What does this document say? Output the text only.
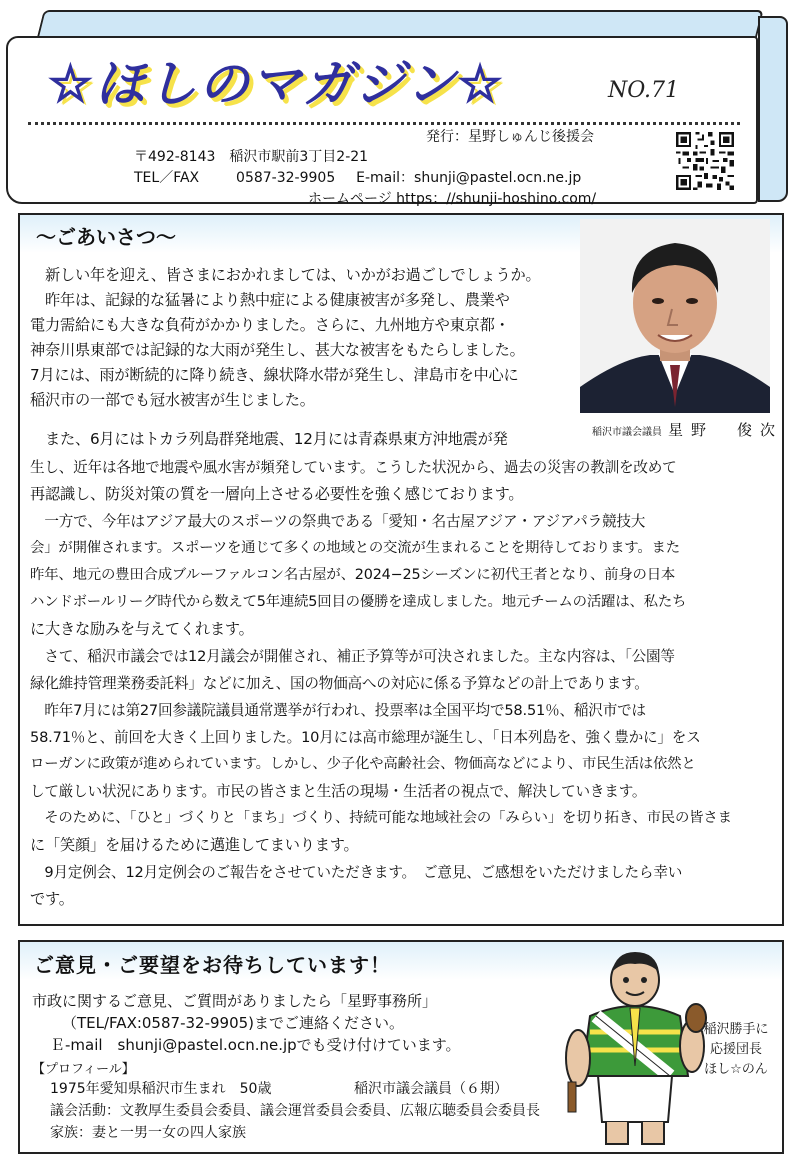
☆ほしのマガジン☆	NO.71
発行：星野しゅんじ後援会
〒492-8143　稲沢市駅前3丁目2-21
TEL／FAX	0587-32-9905 E-mail：shunji@pastel.ocn.ne.jp
ホームページ https：//shunji-hoshino.com/
～ごあいさつ～
稲沢市議会議員 星野　俊次
　新しい年を迎え、皆さまにおかれましては、いかがお過ごしでしょうか。
　昨年は、記録的な猛暑により熱中症による健康被害が多発し、農業や
電力需給にも大きな負荷がかかりました。さらに、九州地方や東京都・
神奈川県東部では記録的な大雨が発生し、甚大な被害をもたらしました。
7月には、雨が断続的に降り続き、線状降水帯が発生し、津島市を中心に
稲沢市の一部でも冠水被害が生じました。
　また、6月にはトカラ列島群発地震、12月には青森県東方沖地震が発
生し、近年は各地で地震や風水害が頻発しています。こうした状況から、過去の災害の教訓を改めて
再認識し、防災対策の質を一層向上させる必要性を強く感じております。
　一方で、今年はアジア最大のスポーツの祭典である「愛知・名古屋アジア・アジアパラ競技大
会」が開催されます。スポーツを通じて多くの地域との交流が生まれることを期待しております。また
昨年、地元の豊田合成ブルーファルコン名古屋が、2024−25シーズンに初代王者となり、前身の日本
ハンドボールリーグ時代から数えて5年連続5回目の優勝を達成しました。地元チームの活躍は、私たち
に大きな励みを与えてくれます。
　さて、稲沢市議会では12月議会が開催され、補正予算等が可決されました。主な内容は、「公園等
緑化維持管理業務委託料」などに加え、国の物価高への対応に係る予算などの計上であります。
　昨年7月には第27回参議院議員通常選挙が行われ、投票率は全国平均で58.51％、稲沢市では
58.71％と、前回を大きく上回りました。10月には高市総理が誕生し、「日本列島を、強く豊かに」をス
ローガンに政策が進められています。しかし、少子化や高齢社会、物価高などにより、市民生活は依然と
して厳しい状況にあります。市民の皆さまと生活の現場・生活者の視点で、解決していきます。
　そのために、「ひと」づくりと「まち」づくり、持続可能な地域社会の「みらい」を切り拓き、市民の皆さま
に「笑顔」を届けるために邁進してまいります。
　9月定例会、12月定例会のご報告をさせていただきます。　ご意見、ご感想をいただけましたら幸い
です。
ご意見・ご要望をお待ちしています！
市政に関するご意見、ご質問がありましたら「星野事務所」
（TEL/FAX:0587-32-9905)までご連絡ください。
Ｅ-mail　shunji@pastel.ocn.ne.jpでも受け付けています。
【プロフィール】
1975年愛知県稲沢市生まれ　50歳	稲沢市議会議員（６期）
議会活動：文教厚生委員会委員、議会運営委員会委員、広報広聴委員会委員長
家族：妻と一男一女の四人家族
稲沢勝手に
応援団長
ほし☆のん
